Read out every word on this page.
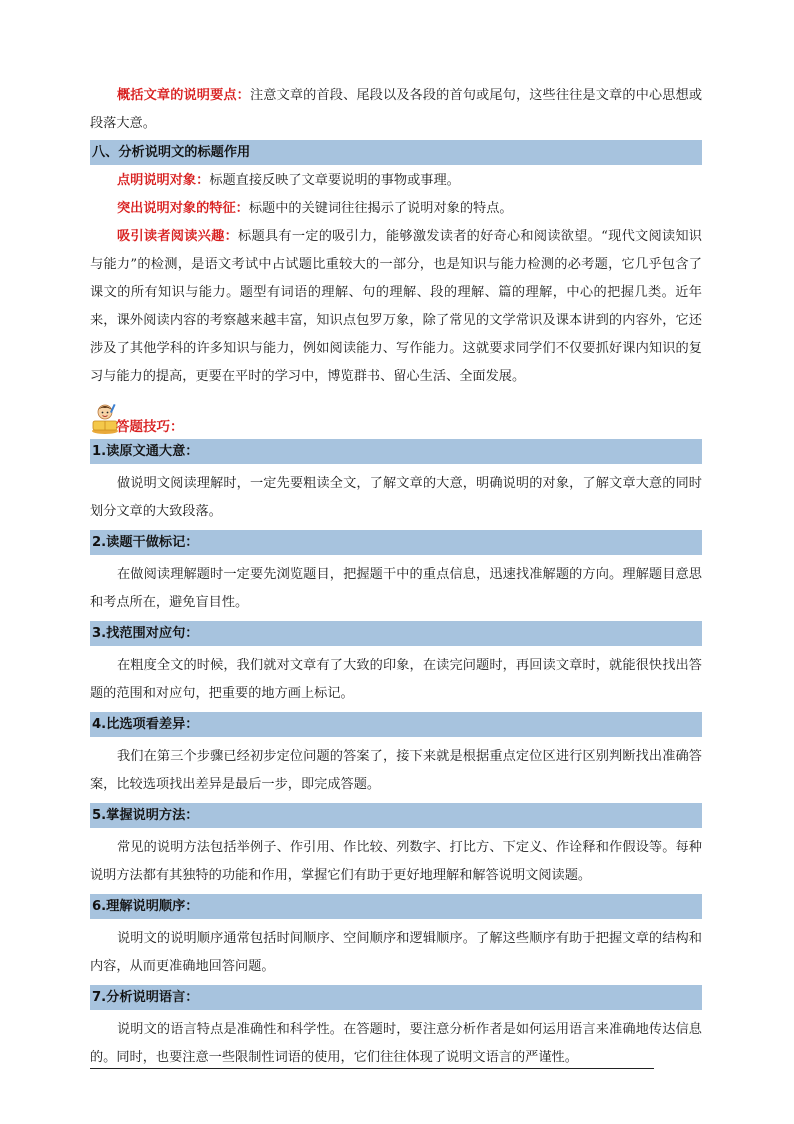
概括文章的说明要点：注意文章的首段、尾段以及各段的首句或尾句，这些往往是文章的中心思想或段落大意。

八、分析说明文的标题作用

点明说明对象：标题直接反映了文章要说明的事物或事理。

突出说明对象的特征：标题中的关键词往往揭示了说明对象的特点。

吸引读者阅读兴趣：标题具有一定的吸引力，能够激发读者的好奇心和阅读欲望。“现代文阅读知识与能力”的检测，是语文考试中占试题比重较大的一部分，也是知识与能力检测的必考题，它几乎包含了课文的所有知识与能力。题型有词语的理解、句的理解、段的理解、篇的理解，中心的把握几类。近年来，课外阅读内容的考察越来越丰富，知识点包罗万象，除了常见的文学常识及课本讲到的内容外，它还涉及了其他学科的许多知识与能力，例如阅读能力、写作能力。这就要求同学们不仅要抓好课内知识的复习与能力的提高，更要在平时的学习中，博览群书、留心生活、全面发展。

答题技巧：
1.读原文通大意：

做说明文阅读理解时，一定先要粗读全文，了解文章的大意，明确说明的对象，了解文章大意的同时划分文章的大致段落。

2.读题干做标记：

在做阅读理解题时一定要先浏览题目，把握题干中的重点信息，迅速找准解题的方向。理解题目意思和考点所在，避免盲目性。

3.找范围对应句：

在粗度全文的时候，我们就对文章有了大致的印象，在读完问题时，再回读文章时，就能很快找出答题的范围和对应句，把重要的地方画上标记。

4.比选项看差异：

我们在第三个步骤已经初步定位问题的答案了，接下来就是根据重点定位区进行区别判断找出准确答案，比较选项找出差异是最后一步，即完成答题。

5.掌握说明方法：

常见的说明方法包括举例子、作引用、作比较、列数字、打比方、下定义、作诠释和作假设等。每种说明方法都有其独特的功能和作用，掌握它们有助于更好地理解和解答说明文阅读题。

6.理解说明顺序：

说明文的说明顺序通常包括时间顺序、空间顺序和逻辑顺序。了解这些顺序有助于把握文章的结构和内容，从而更准确地回答问题。

7.分析说明语言：

说明文的语言特点是准确性和科学性。在答题时，要注意分析作者是如何运用语言来准确地传达信息的。同时，也要注意一些限制性词语的使用，它们往往体现了说明文语言的严谨性。
